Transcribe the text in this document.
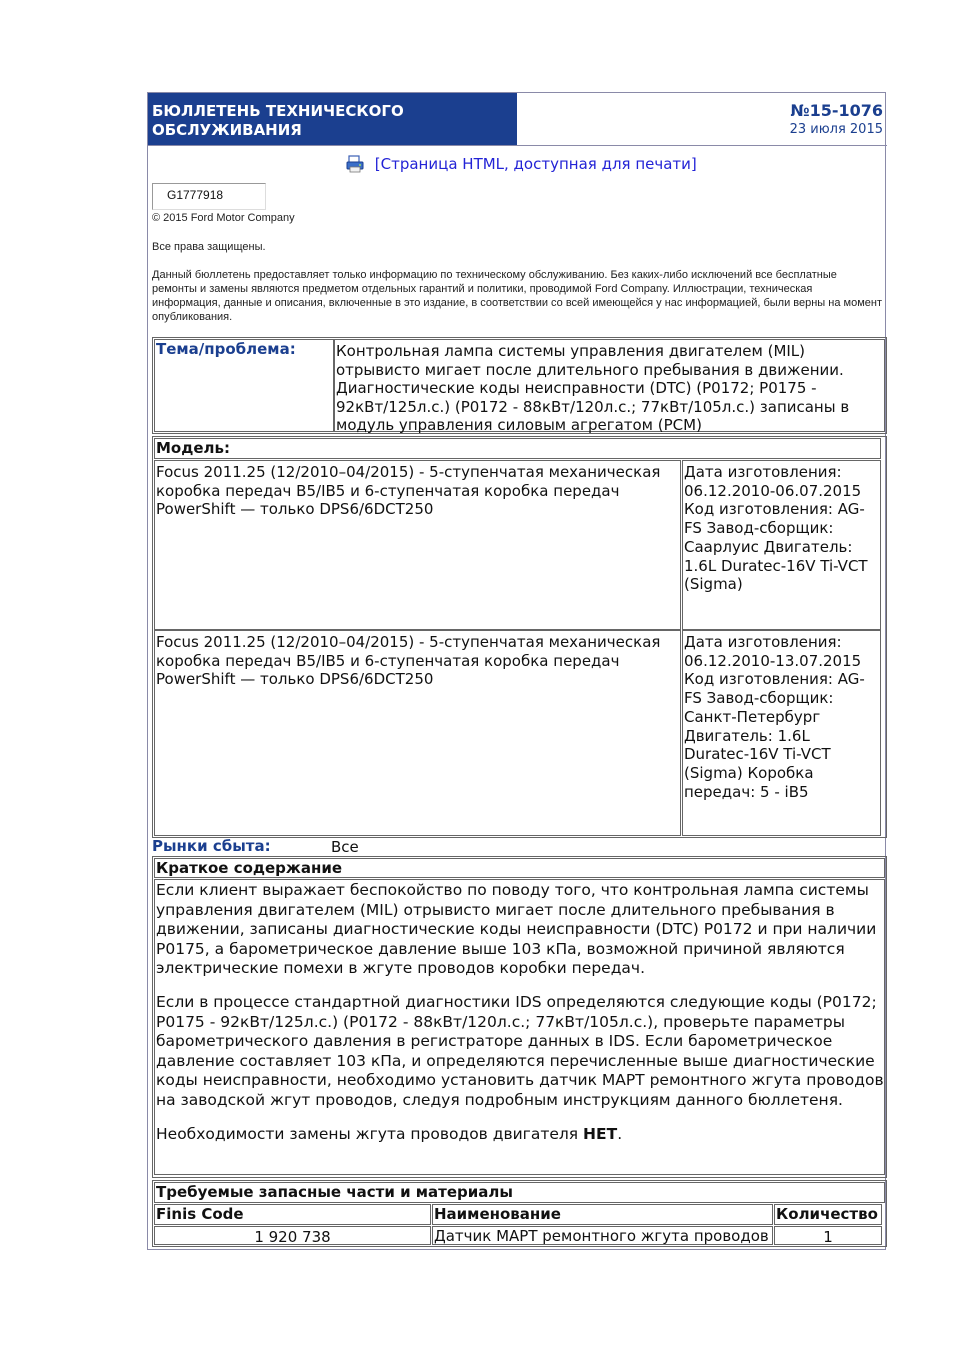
БЮЛЛЕТЕНЬ ТЕХНИЧЕСКОГО ОБСЛУЖИВАНИЯ
№15-1076
23 июля 2015
[Страница HTML, доступная для печати]
G1777918
© 2015 Ford Motor Company
Все права защищены.
Данный бюллетень предоставляет только информацию по техническому обслуживанию. Без каких-либо исключений все бесплатные ремонты и замены являются предметом отдельных гарантий и политики, проводимой Ford Company. Иллюстрации, техническая информация, данные и описания, включенные в это издание, в соответствии со всей имеющейся у нас информацией, были верны на момент опубликования.
Тема/проблема:	Контрольная лампа системы управления двигателем (MIL) отрывисто мигает после длительного пребывания в движении. Диагностические коды неисправности (DTC) (P0172; P0175 - 92кВт/125л.с.) (P0172 - 88кВт/120л.с.; 77кВт/105л.с.) записаны в модуль управления силовым агрегатом (PCM)
Модель:
Focus 2011.25 (12/2010–04/2015) - 5-ступенчатая механическая коробка передач B5/IB5 и 6-ступенчатая коробка передач PowerShift — только DPS6/6DCT250
Дата изготовления: 06.12.2010-06.07.2015 Код изготовления: AG-FS Завод-сборщик: Саарлуис Двигатель: 1.6L Duratec-16V Ti-VCT (Sigma)
Focus 2011.25 (12/2010–04/2015) - 5-ступенчатая механическая коробка передач B5/IB5 и 6-ступенчатая коробка передач PowerShift — только DPS6/6DCT250
Дата изготовления: 06.12.2010-13.07.2015 Код изготовления: AG-FS Завод-сборщик: Санкт-Петербург Двигатель: 1.6L Duratec-16V Ti-VCT (Sigma) Коробка передач: 5 - iB5
Рынки сбыта:	Все
Краткое содержание
Если клиент выражает беспокойство по поводу того, что контрольная лампа системы управления двигателем (MIL) отрывисто мигает после длительного пребывания в движении, записаны диагностические коды неисправности (DTC) P0172 и при наличии P0175, а барометрическое давление выше 103 кПа, возможной причиной являются электрические помехи в жгуте проводов коробки передач.
Если в процессе стандартной диагностики IDS определяются следующие коды (P0172; P0175 - 92кВт/125л.с.) (P0172 - 88кВт/120л.с.; 77кВт/105л.с.), проверьте параметры барометрического давления в регистраторе данных в IDS. Если барометрическое давление составляет 103 кПа, и определяются перечисленные выше диагностические коды неисправности, необходимо установить датчик MAPT ремонтного жгута проводов на заводской жгут проводов, следуя подробным инструкциям данного бюллетеня.
Необходимости замены жгута проводов двигателя НЕТ.
Требуемые запасные части и материалы
Finis Code	Наименование	Количество
1 920 738	Датчик MAPT ремонтного жгута проводов	1
